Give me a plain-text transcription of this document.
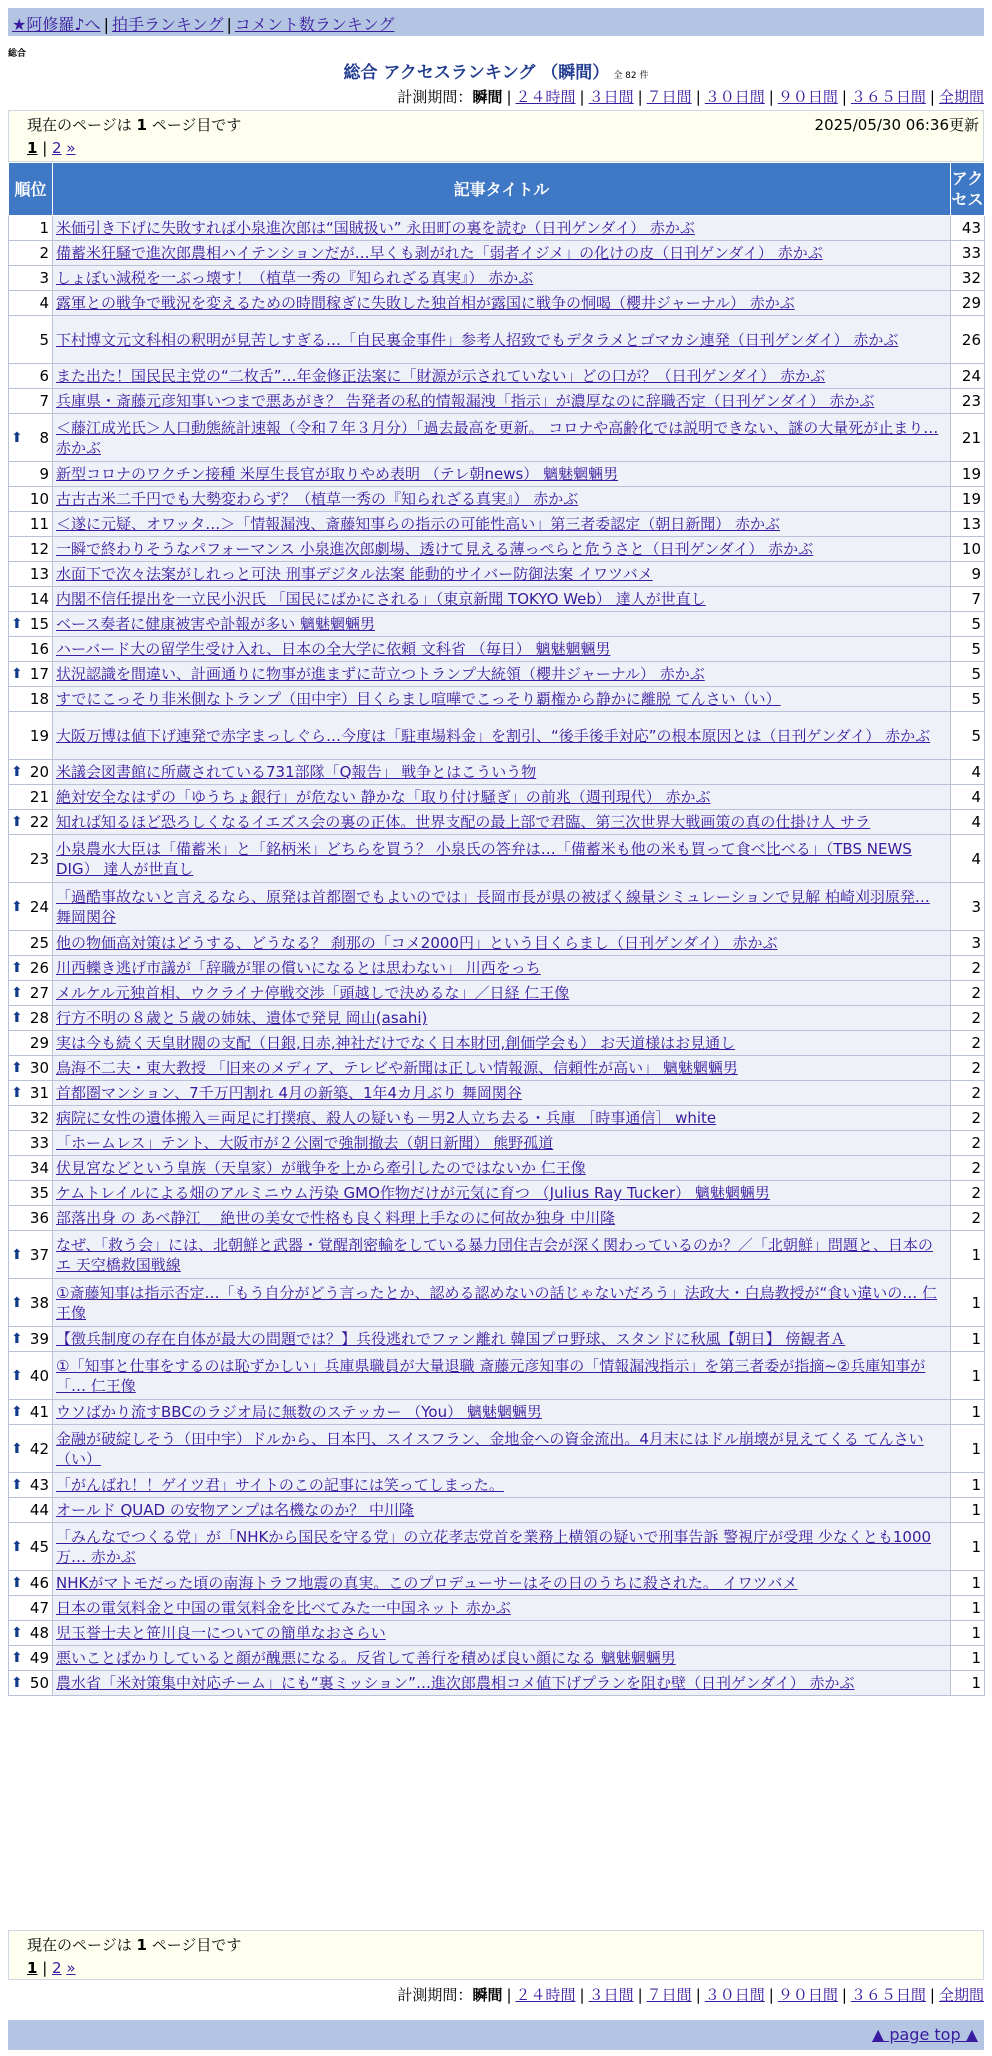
★阿修羅♪へ | 拍手ランキング | コメント数ランキング
総合
総合 アクセスランキング （瞬間） 全 82 件
計測期間：瞬間 | ２４時間 | ３日間 | ７日間 | ３０日間 | ９０日間 | ３６５日間 | 全期間
現在のページは 1 ページ目です	2025/05/30 06:36更新
1 | 2 »
順位	記事タイトル	アクセス
1	米価引き下げに失敗すれば小泉進次郎は“国賊扱い” 永田町の裏を読む（日刊ゲンダイ） 赤かぶ	43
2	備蓄米狂騒で進次郎農相ハイテンションだが…早くも剥がれた「弱者イジメ」の化けの皮（日刊ゲンダイ） 赤かぶ	33
3	しょぼい減税を一ぶっ壊す！（植草一秀の『知られざる真実』） 赤かぶ	32
4	露軍との戦争で戦況を変えるための時間稼ぎに失敗した独首相が露国に戦争の恫喝（櫻井ジャーナル） 赤かぶ	29
5	下村博文元文科相の釈明が見苦しすぎる…「自民裏金事件」参考人招致でもデタラメとゴマカシ連発（日刊ゲンダイ） 赤かぶ	26
6	また出た！国民民主党の“二枚舌”…年金修正法案に「財源が示されていない」どの口が？（日刊ゲンダイ） 赤かぶ	24
7	兵庫県・斎藤元彦知事いつまで悪あがき？ 告発者の私的情報漏洩「指示」が濃厚なのに辞職否定（日刊ゲンダイ） 赤かぶ	23

⬆ 8	＜藤江成光氏＞人口動態統計速報（令和７年３月分）「過去最高を更新。 コロナや高齢化では説明できない、謎の大量死が止まり… 赤かぶ	21
9	新型コロナのワクチン接種 米厚生長官が取りやめ表明 （テレ朝news） 魑魅魍魎男	19
10	古古古米二千円でも大勢変わらず？（植草一秀の『知られざる真実』） 赤かぶ	19
11	＜遂に元疑、オワッタ…＞「情報漏洩、斎藤知事らの指示の可能性高い」第三者委認定（朝日新聞） 赤かぶ	13
12	一瞬で終わりそうなパフォーマンス 小泉進次郎劇場、透けて見える薄っぺらと危うさと（日刊ゲンダイ） 赤かぶ	10
13	水面下で次々法案がしれっと可決 刑事デジタル法案 能動的サイバー防御法案 イワツバメ	9
14	内閣不信任提出を一立民小沢氏 「国民にばかにされる」（東京新聞 TOKYO Web） 達人が世直し	7

⬆ 15	ベース奏者に健康被害や訃報が多い 魑魅魍魎男	5
16	ハーバード大の留学生受け入れ、日本の全大学に依頼 文科省 （毎日） 魑魅魍魎男	5

⬆ 17	状況認識を間違い、計画通りに物事が進まずに苛立つトランプ大統領（櫻井ジャーナル） 赤かぶ	5
18	すでにこっそり非米側なトランプ（田中宇）目くらまし喧嘩でこっそり覇権から静かに離脱 てんさい（い）	5
19	大阪万博は値下げ連発で赤字まっしぐら…今度は「駐車場料金」を割引、“後手後手対応”の根本原因とは（日刊ゲンダイ） 赤かぶ	5

⬆ 20	米議会図書館に所蔵されている731部隊「Q報告」 戦争とはこういう物	4
21	絶対安全なはずの「ゆうちょ銀行」が危ない 静かな「取り付け騒ぎ」の前兆（週刊現代） 赤かぶ	4

⬆ 22	知れば知るほど恐ろしくなるイエズス会の裏の正体。世界支配の最上部で君臨、第三次世界大戦画策の真の仕掛け人 サラ	4
23	小泉農水大臣は「備蓄米」と「銘柄米」どちらを買う？ 小泉氏の答弁は…「備蓄米も他の米も買って食べ比べる」（TBS NEWS DIG） 達人が世直し	4

⬆ 24	「過酷事故ないと言えるなら、原発は首都圏でもよいのでは」長岡市長が県の被ばく線量シミュレーションで見解 柏崎刈羽原発… 舞岡関谷	3
25	他の物価高対策はどうする、どうなる？ 刹那の「コメ2000円」という目くらまし（日刊ゲンダイ） 赤かぶ	3

⬆ 26	川西轢き逃げ市議が「辞職が罪の償いになるとは思わない」 川西をっち	2

⬆ 27	メルケル元独首相、ウクライナ停戦交渉「頭越しで決めるな」／日経 仁王像	2

⬆ 28	行方不明の８歳と５歳の姉妹、遺体で発見 岡山(asahi)	2
29	実は今も続く天皇財閥の支配（日銀,日赤,神社だけでなく日本財団,創価学会も） お天道様はお見通し	2

⬆ 30	鳥海不二夫・東大教授 「旧来のメディア、テレビや新聞は正しい情報源、信頼性が高い」 魑魅魍魎男	2

⬆ 31	首都圏マンション、7千万円割れ 4月の新築、1年4カ月ぶり 舞岡関谷	2
32	病院に女性の遺体搬入＝両足に打撲痕、殺人の疑いも－男2人立ち去る・兵庫 ［時事通信］ white	2
33	「ホームレス」テント、大阪市が２公園で強制撤去（朝日新聞） 熊野孤道	2
34	伏見宮などという皇族（天皇家）が戦争を上から牽引したのではないか 仁王像	2
35	ケムトレイルによる畑のアルミニウム汚染 GMO作物だけが元気に育つ （Julius Ray Tucker） 魑魅魍魎男	2
36	部落出身 の あべ静江 ＿絶世の美女で性格も良く料理上手なのに何故か独身 中川隆	2

⬆ 37	なぜ、「救う会」には、北朝鮮と武器・覚醒剤密輸をしている暴力団住吉会が深く関わっているのか？／「北朝鮮」問題と、日本のエ 天空橋救国戦線	1

⬆ 38	①斎藤知事は指示否定…「もう自分がどう言ったとか、認める認めないの話じゃないだろう」法政大・白鳥教授が“食い違いの… 仁王像	1

⬆ 39	【徴兵制度の存在自体が最大の問題では？】兵役逃れでファン離れ 韓国プロ野球、スタンドに秋風【朝日】 傍観者Ａ	1

⬆ 40	①「知事と仕事をするのは恥ずかしい」兵庫県職員が大量退職 斎藤元彦知事の「情報漏洩指示」を第三者委が指摘~②兵庫知事が「… 仁王像	1

⬆ 41	ウソばかり流すBBCのラジオ局に無数のステッカー （You） 魑魅魍魎男	1

⬆ 42	金融が破綻しそう（田中宇）ドルから、日本円、スイスフラン、金地金への資金流出。4月末にはドル崩壊が見えてくる てんさい（い）	1

⬆ 43	「がんばれ！！ゲイツ君」サイトのこの記事には笑ってしまった。	1
44	オールド QUAD の安物アンプは名機なのか？ 中川隆	1

⬆ 45	「みんなでつくる党」が「NHKから国民を守る党」の立花孝志党首を業務上横領の疑いで刑事告訴 警視庁が受理 少なくとも1000万… 赤かぶ	1

⬆ 46	NHKがマトモだった頃の南海トラフ地震の真実。このプロデューサーはその日のうちに殺された。 イワツバメ	1
47	日本の電気料金と中国の電気料金を比べてみた一中国ネット 赤かぶ	1

⬆ 48	児玉誉士夫と笹川良一についての簡単なおさらい	1

⬆ 49	悪いことばかりしていると顔が醜悪になる。反省して善行を積めば良い顔になる 魑魅魍魎男	1

⬆ 50	農水省「米対策集中対応チーム」にも“裏ミッション”…進次郎農相コメ値下げプランを阻む壁（日刊ゲンダイ） 赤かぶ	1
現在のページは 1 ページ目です
1 | 2 »
計測期間：瞬間 | ２４時間 | ３日間 | ７日間 | ３０日間 | ９０日間 | ３６５日間 | 全期間
▲ page top ▲
